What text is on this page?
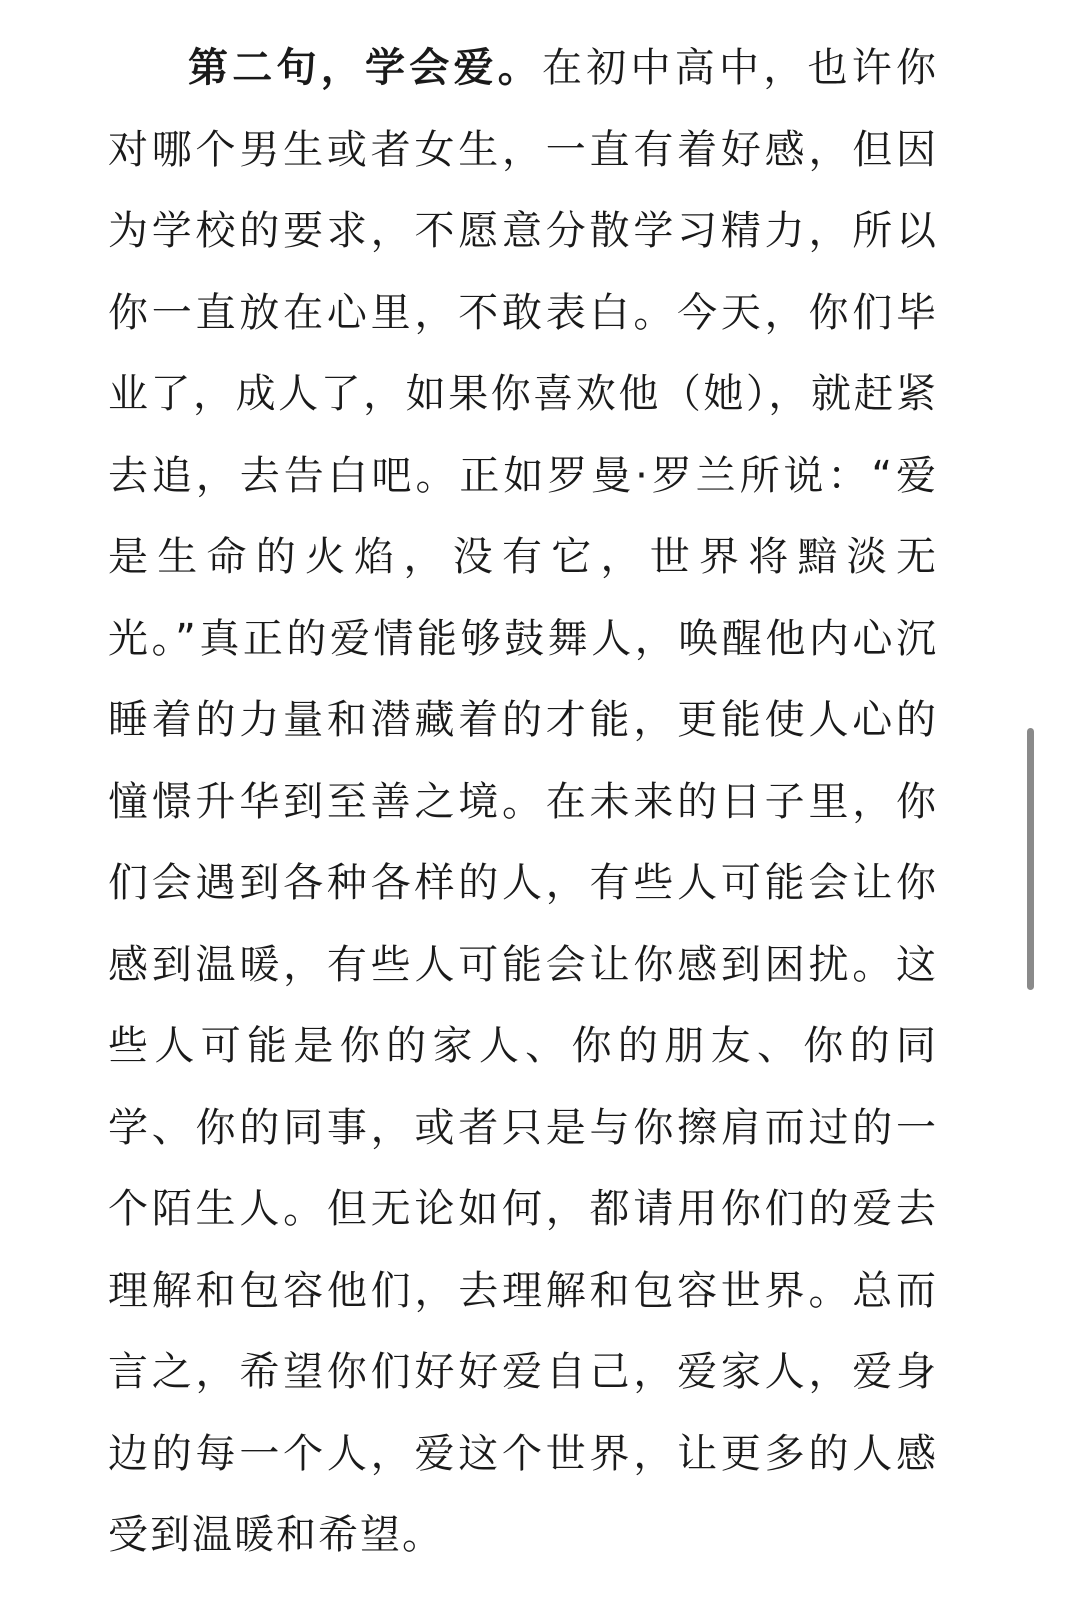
第二句，学会爱。在初中高中，也许你对哪个男生或者女生，一直有着好感，但因为学校的要求，不愿意分散学习精力，所以你一直放在心里，不敢表白。今天，你们毕业了，成人了，如果你喜欢他（她），就赶紧去追，去告白吧。正如罗曼·罗兰所说：“爱是生命的火焰，没有它，世界将黯淡无光。”真正的爱情能够鼓舞人，唤醒他内心沉睡着的力量和潜藏着的才能，更能使人心的憧憬升华到至善之境。在未来的日子里，你们会遇到各种各样的人，有些人可能会让你感到温暖，有些人可能会让你感到困扰。这些人可能是你的家人、你的朋友、你的同学、你的同事，或者只是与你擦肩而过的一个陌生人。但无论如何，都请用你们的爱去理解和包容他们，去理解和包容世界。总而言之，希望你们好好爱自己，爱家人，爱身边的每一个人，爱这个世界，让更多的人感受到温暖和希望。
